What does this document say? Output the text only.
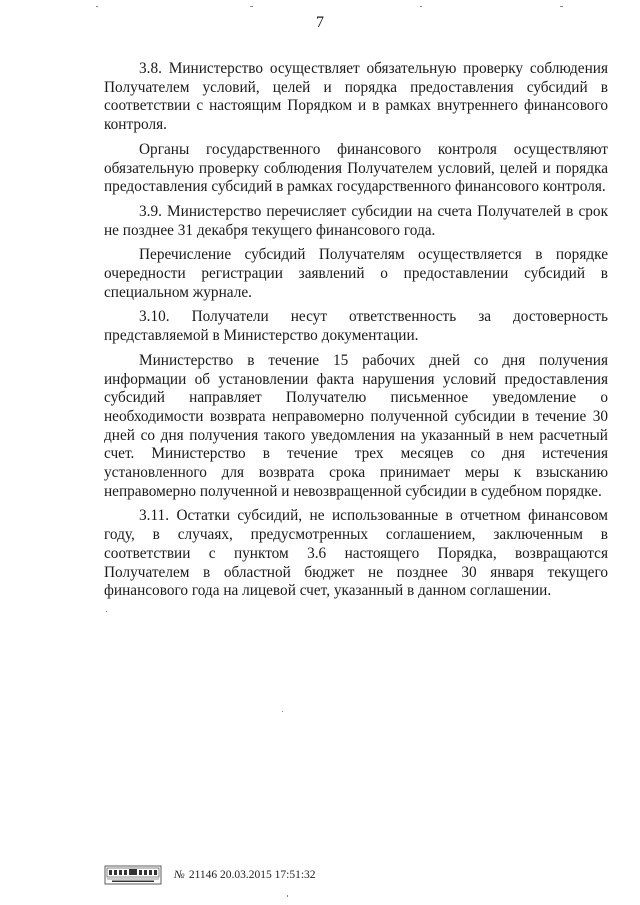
7

3.8. Министерство осуществляет обязательную проверку соблюдения Получателем условий, целей и порядка предоставления субсидий в соответствии с настоящим Порядком и в рамках внутреннего финансового контроля.

Органы государственного финансового контроля осуществляют обязательную проверку соблюдения Получателем условий, целей и порядка предоставления субсидий в рамках государственного финансового контроля.

3.9. Министерство перечисляет субсидии на счета Получателей в срок не позднее 31 декабря текущего финансового года.

Перечисление субсидий Получателям осуществляется в порядке очередности регистрации заявлений о предоставлении субсидий в специальном журнале.

3.10. Получатели несут ответственность за достоверность представляемой в Министерство документации.

Министерство в течение 15 рабочих дней со дня получения информации об установлении факта нарушения условий предоставления субсидий направляет Получателю письменное уведомление о необходимости возврата неправомерно полученной субсидии в течение 30 дней со дня получения такого уведомления на указанный в нем расчетный счет. Министерство в течение трех месяцев со дня истечения установленного для возврата срока принимает меры к взысканию неправомерно полученной и невозвращенной субсидии в судебном порядке.

3.11. Остатки субсидий, не использованные в отчетном финансовом году, в случаях, предусмотренных соглашением, заключенным в соответствии с пунктом 3.6 настоящего Порядка, возвращаются Получателем в областной бюджет не позднее 30 января текущего финансового года на лицевой счет, указанный в данном соглашении.

№ 21146 20.03.2015 17:51:32
